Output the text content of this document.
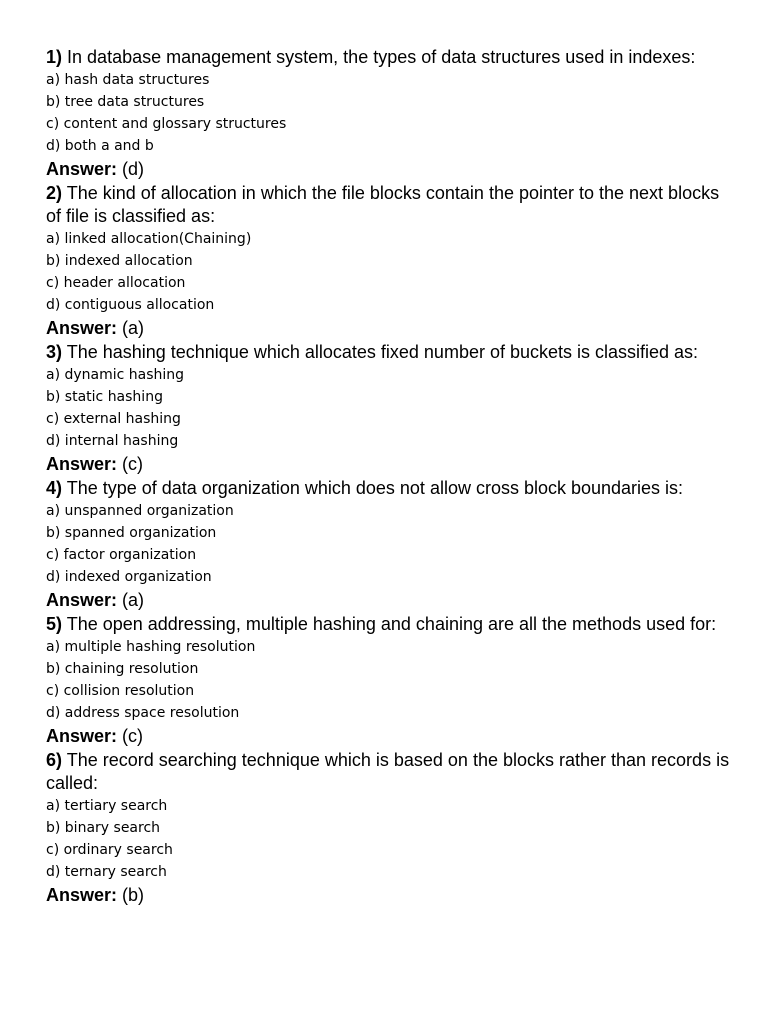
1) In database management system, the types of data structures used in indexes:

a) hash data structures

b) tree data structures

c) content and glossary structures

d) both a and b

Answer: (d)

2) The kind of allocation in which the file blocks contain the pointer to the next blocks of file is classified as:

a) linked allocation(Chaining)

b) indexed allocation

c) header allocation

d) contiguous allocation

Answer: (a)

3) The hashing technique which allocates fixed number of buckets is classified as:

a) dynamic hashing

b) static hashing

c) external hashing

d) internal hashing

Answer: (c)

4) The type of data organization which does not allow cross block boundaries is:

a) unspanned organization

b) spanned organization

c) factor organization

d) indexed organization

Answer: (a)

5) The open addressing, multiple hashing and chaining are all the methods used for:

a) multiple hashing resolution

b) chaining resolution

c) collision resolution

d) address space resolution

Answer: (c)

6) The record searching technique which is based on the blocks rather than records is called:

a) tertiary search

b) binary search

c) ordinary search

d) ternary search

Answer: (b)
